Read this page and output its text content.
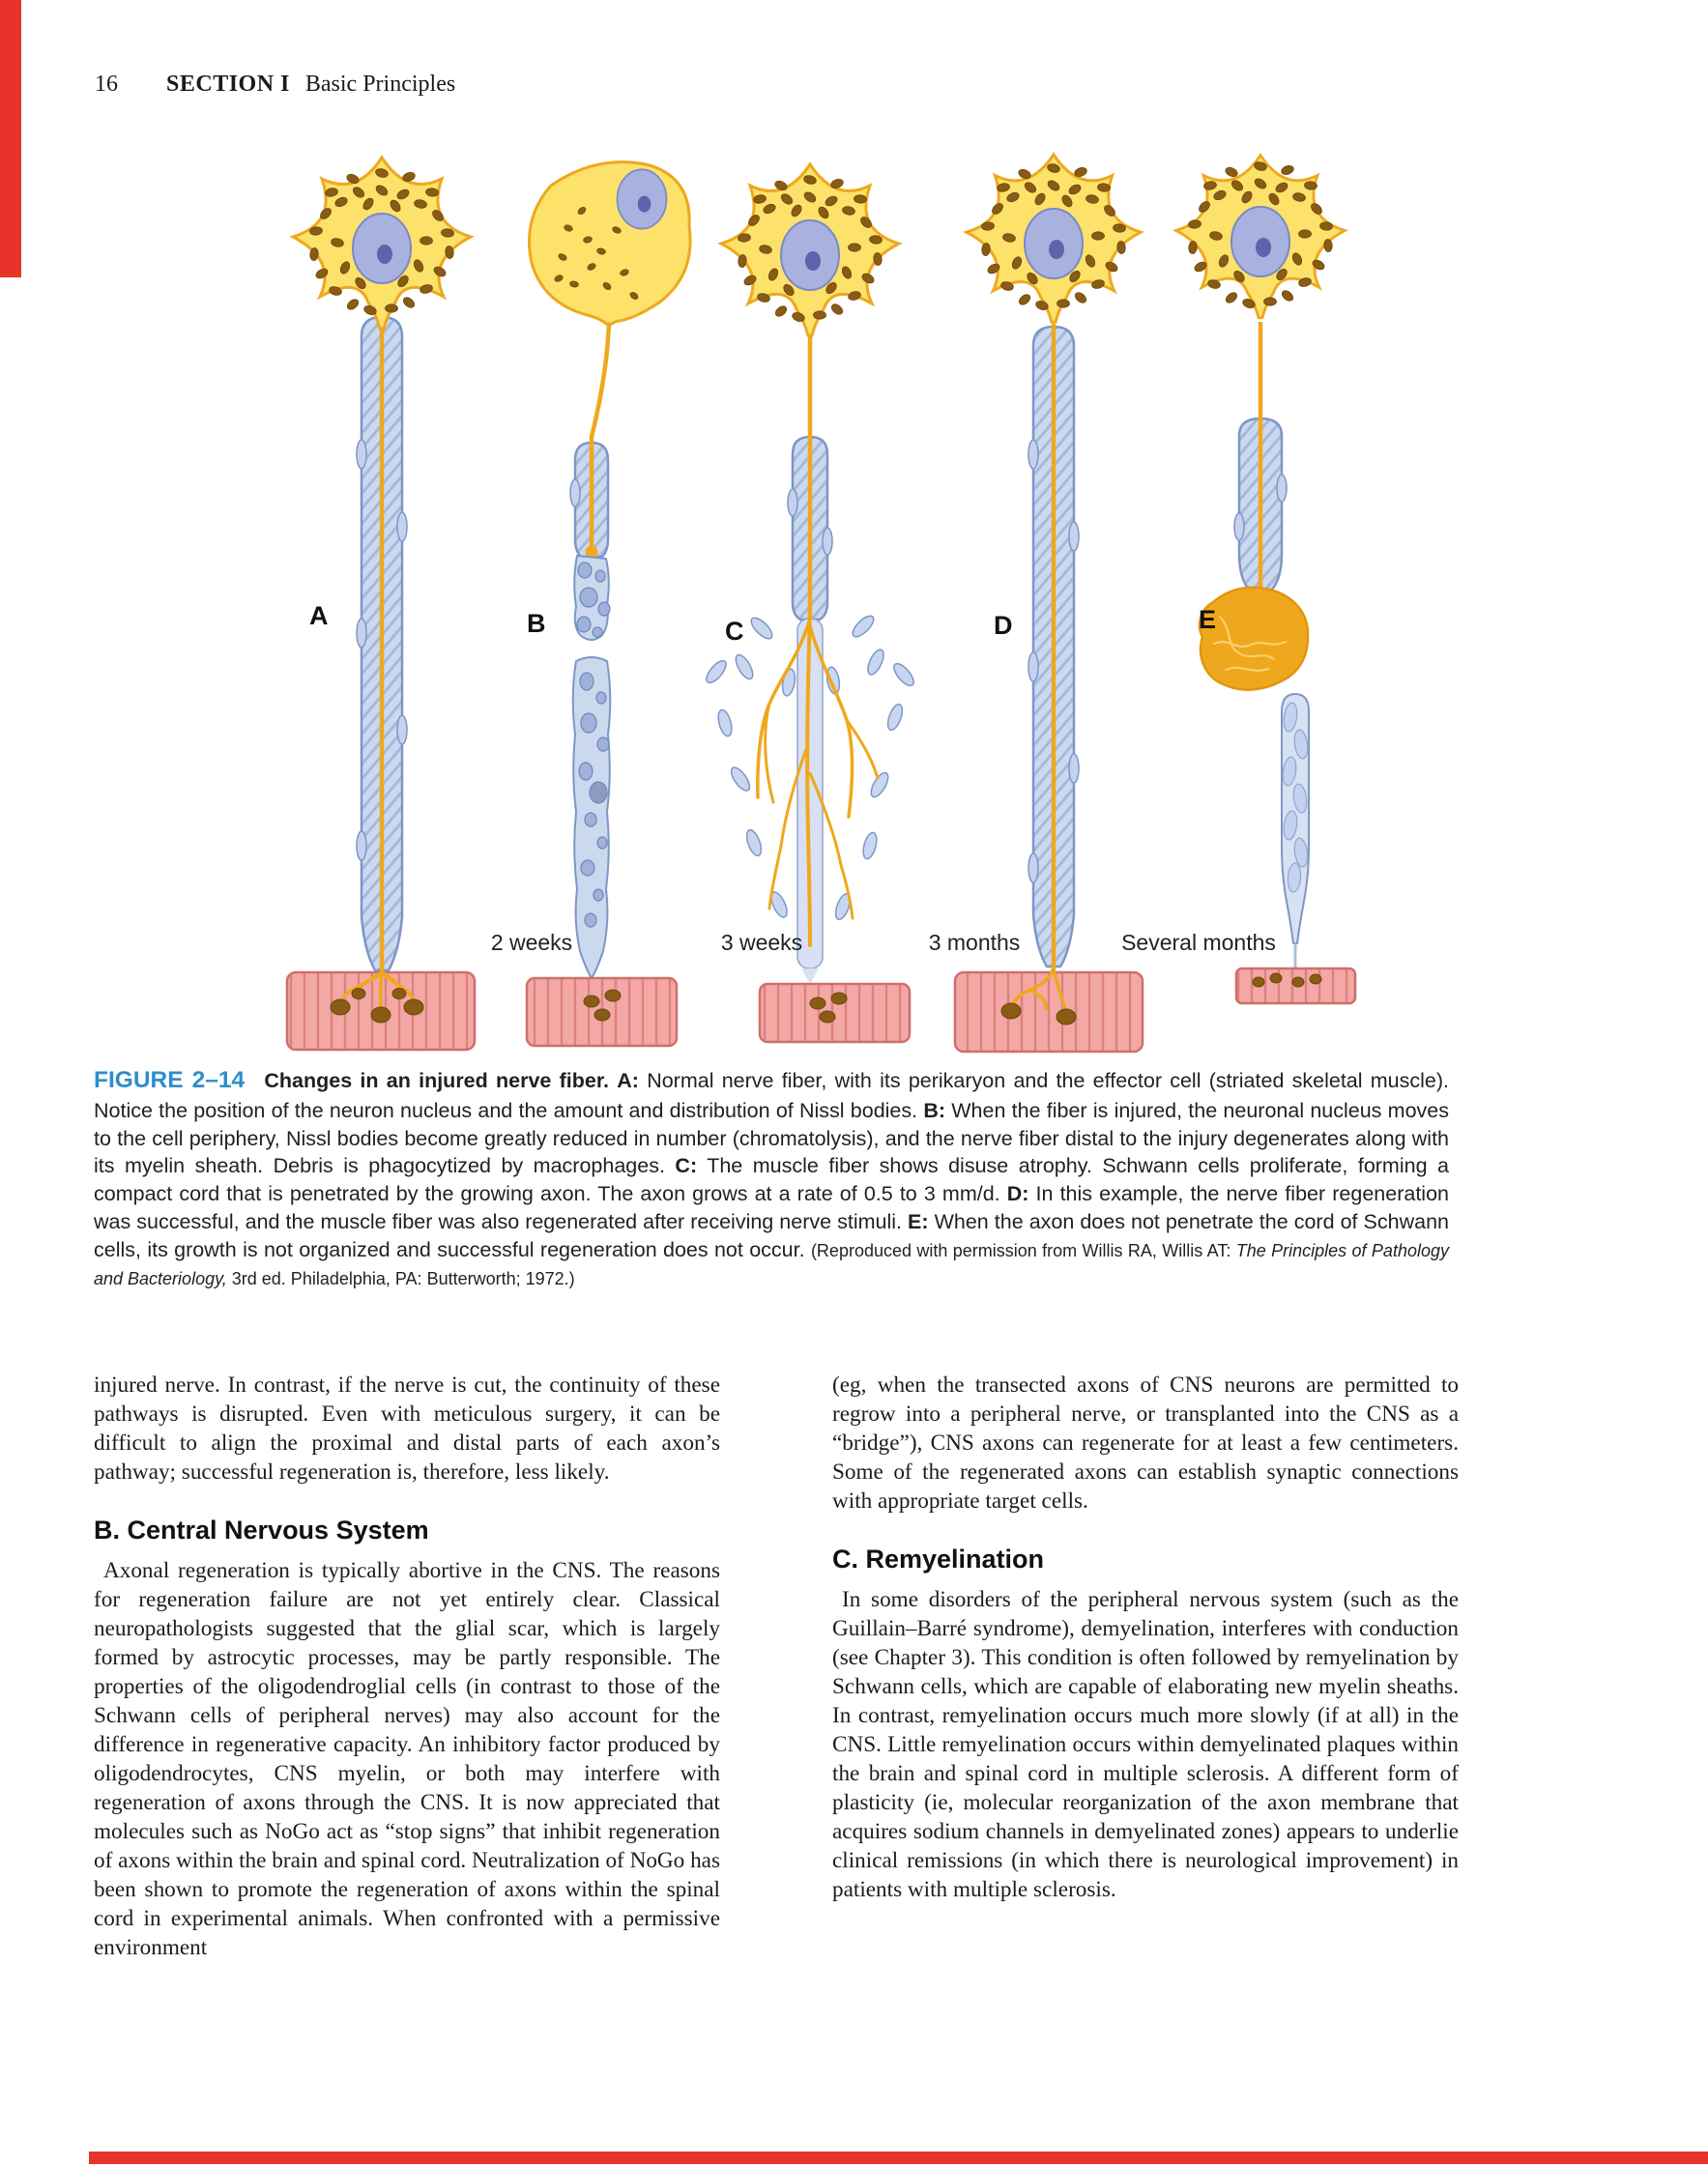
16 SECTION I Basic Principles
A	B	C	D	E
2 weeks	3 weeks	3 months	Several months
FIGURE 2–14 Changes in an injured nerve fiber. A: Normal nerve fiber, with its perikaryon and the effector cell (striated skeletal muscle). Notice the position of the neuron nucleus and the amount and distribution of Nissl bodies. B: When the fiber is injured, the neuronal nucleus moves to the cell periphery, Nissl bodies become greatly reduced in number (chromatolysis), and the nerve fiber distal to the injury degenerates along with its myelin sheath. Debris is phagocytized by macrophages. C: The muscle fiber shows disuse atrophy. Schwann cells proliferate, forming a compact cord that is penetrated by the growing axon. The axon grows at a rate of 0.5 to 3 mm/d. D: In this example, the nerve fiber regeneration was successful, and the muscle fiber was also regenerated after receiving nerve stimuli. E: When the axon does not penetrate the cord of Schwann cells, its growth is not organized and successful regeneration does not occur. (Reproduced with permission from Willis RA, Willis AT: The Principles of Pathology and Bacteriology, 3rd ed. Philadelphia, PA: Butterworth; 1972.)

injured nerve. In contrast, if the nerve is cut, the continuity of these pathways is disrupted. Even with meticulous surgery, it can be difficult to align the proximal and distal parts of each axon’s pathway; successful regeneration is, therefore, less likely.

B. Central Nervous System

Axonal regeneration is typically abortive in the CNS. The reasons for regeneration failure are not yet entirely clear. Classical neuropathologists suggested that the glial scar, which is largely formed by astrocytic processes, may be partly responsible. The properties of the oligodendroglial cells (in contrast to those of the Schwann cells of peripheral nerves) may also account for the difference in regenerative capacity. An inhibitory factor produced by oligodendrocytes, CNS myelin, or both may interfere with regeneration of axons through the CNS. It is now appreciated that molecules such as NoGo act as “stop signs” that inhibit regeneration of axons within the brain and spinal cord. Neutralization of NoGo has been shown to promote the regeneration of axons within the spinal cord in experimental animals. When confronted with a permissive environment

(eg, when the transected axons of CNS neurons are permitted to regrow into a peripheral nerve, or transplanted into the CNS as a “bridge”), CNS axons can regenerate for at least a few centimeters. Some of the regenerated axons can establish synaptic connections with appropriate target cells.

C. Remyelination

In some disorders of the peripheral nervous system (such as the Guillain–Barré syndrome), demyelination, interferes with conduction (see Chapter 3). This condition is often followed by remyelination by Schwann cells, which are capable of elaborating new myelin sheaths. In contrast, remyelination occurs much more slowly (if at all) in the CNS. Little remyelination occurs within demyelinated plaques within the brain and spinal cord in multiple sclerosis. A different form of plasticity (ie, molecular reorganization of the axon membrane that acquires sodium channels in demyelinated zones) appears to underlie clinical remissions (in which there is neurological improvement) in patients with multiple sclerosis.
